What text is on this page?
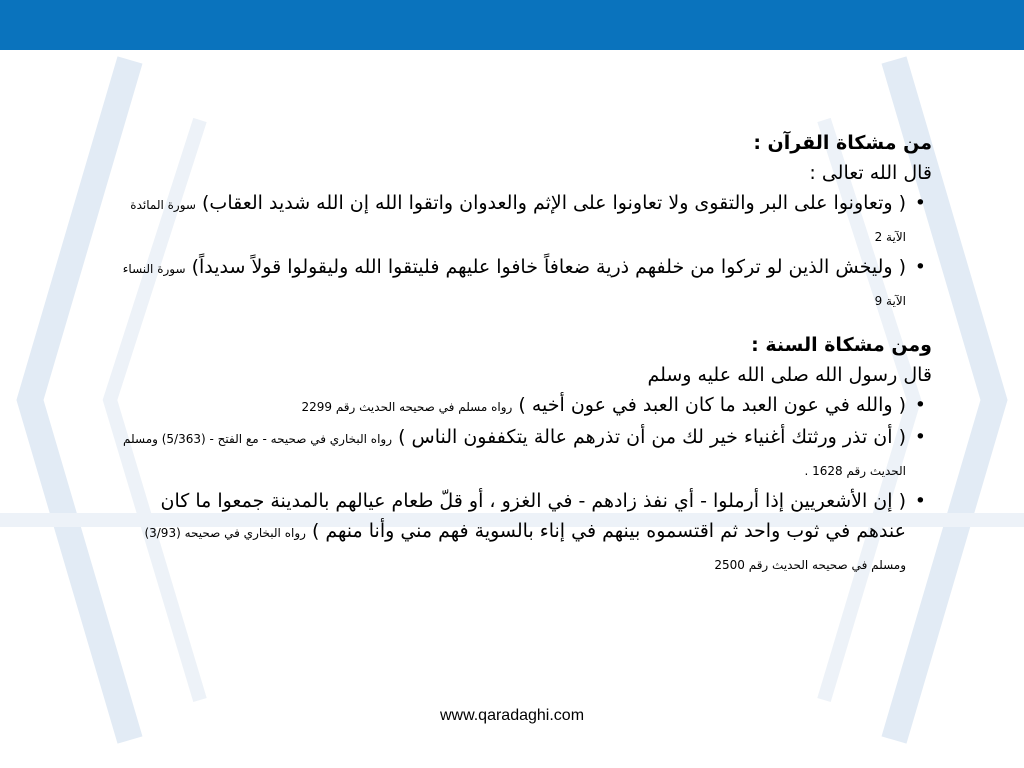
من مشكاة القرآن :
قال الله تعالى :
• ( وتعاونوا على البر والتقوى ولا تعاونوا على الإثم والعدوان واتقوا الله إن الله شديد العقاب) سورة المائدة الآية 2
• ( وليخش الذين لو تركوا من خلفهم ذرية ضعافاً خافوا عليهم فليتقوا الله وليقولوا قولاً سديداً) سورة النساء الآية 9
ومن مشكاة السنة :
قال رسول الله صلى الله عليه وسلم
• ( والله في عون العبد ما كان العبد في عون أخيه ) رواه مسلم في صحيحه الحديث رقم 2299
• ( أن تذر ورثتك أغنياء خير لك من أن تذرهم عالة يتكففون الناس ) رواه البخاري في صحيحه - مع الفتح - (5/363) ومسلم الحديث رقم 1628 .
• ( إن الأشعريين إذا أرملوا - أي نفذ زادهم - في الغزو ، أو قلّ طعام عيالهم بالمدينة جمعوا ما كان عندهم في ثوب واحد ثم اقتسموه بينهم في إناء بالسوية فهم مني وأنا منهم ) رواه البخاري في صحيحه (3/93) ومسلم في صحيحه الحديث رقم 2500
www.qaradaghi.com
